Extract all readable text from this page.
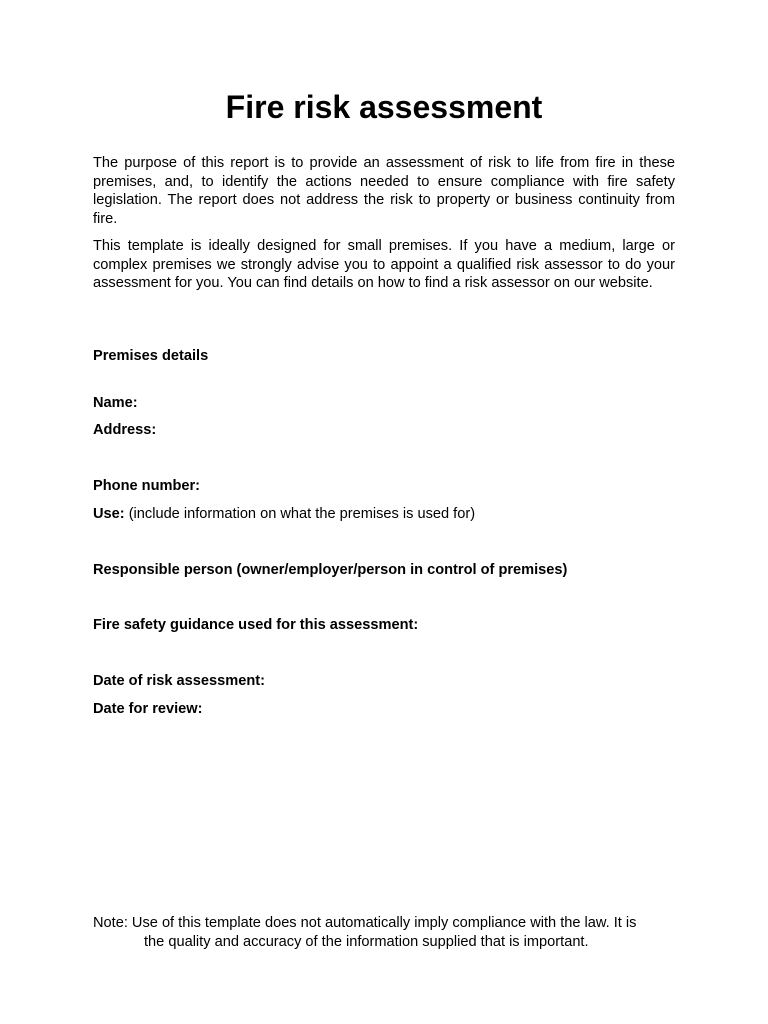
Fire risk assessment

The purpose of this report is to provide an assessment of risk to life from fire in these premises, and, to identify the actions needed to ensure compliance with fire safety legislation. The report does not address the risk to property or business continuity from fire.

This template is ideally designed for small premises. If you have a medium, large or complex premises we strongly advise you to appoint a qualified risk assessor to do your assessment for you. You can find details on how to find a risk assessor on our website.

Premises details

Name:

Address:

Phone number:

Use: (include information on what the premises is used for)

Responsible person (owner/employer/person in control of premises)

Fire safety guidance used for this assessment:

Date of risk assessment:

Date for review:

Note: Use of this template does not automatically imply compliance with the law. It is
the quality and accuracy of the information supplied that is important.
